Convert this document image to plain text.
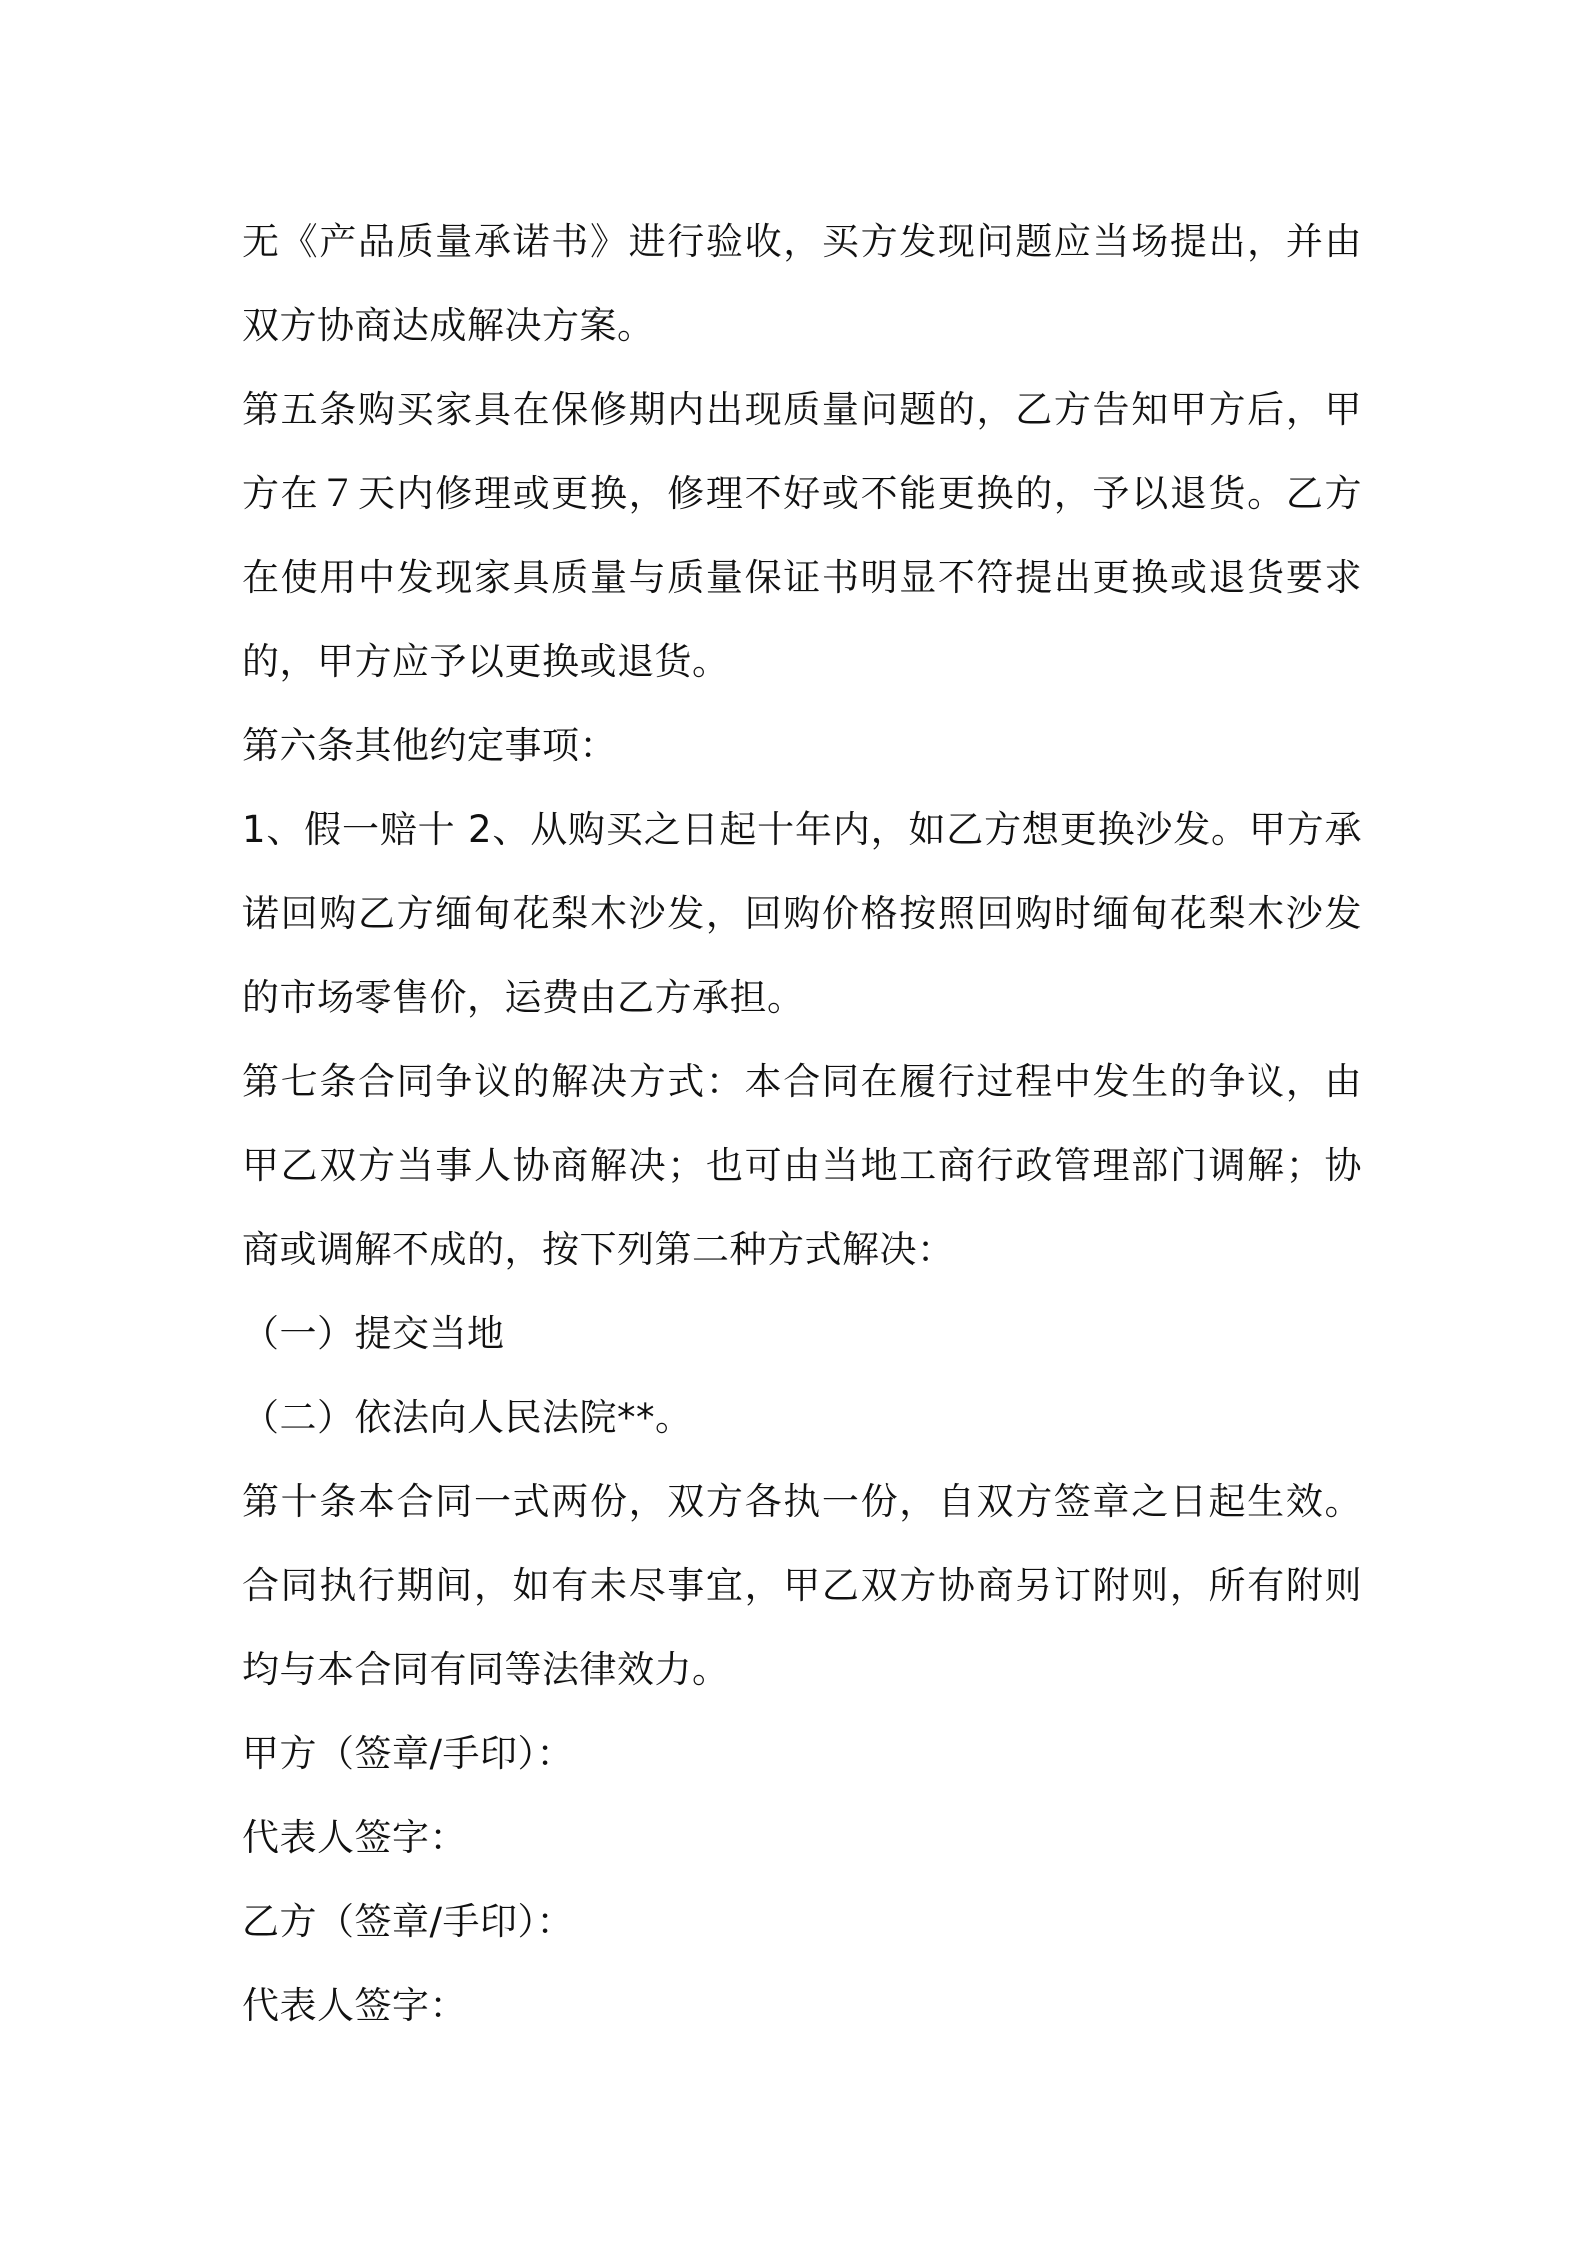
无《产品质量承诺书》进行验收，买方发现问题应当场提出，并由双方协商达成解决方案。

第五条购买家具在保修期内出现质量问题的，乙方告知甲方后，甲方在７天内修理或更换，修理不好或不能更换的，予以退货。乙方在使用中发现家具质量与质量保证书明显不符提出更换或退货要求的，甲方应予以更换或退货。

第六条其他约定事项：

1、假一赔十 2、从购买之日起十年内，如乙方想更换沙发。甲方承诺回购乙方缅甸花梨木沙发，回购价格按照回购时缅甸花梨木沙发的市场零售价，运费由乙方承担。

第七条合同争议的解决方式：本合同在履行过程中发生的争议，由甲乙双方当事人协商解决；也可由当地工商行政管理部门调解；协商或调解不成的，按下列第二种方式解决：

（一）提交当地

（二）依法向人民法院**。

第十条本合同一式两份，双方各执一份，自双方签章之日起生效。合同执行期间，如有未尽事宜，甲乙双方协商另订附则，所有附则均与本合同有同等法律效力。

甲方（签章/手印）：

代表人签字：

乙方（签章/手印）：

代表人签字：
